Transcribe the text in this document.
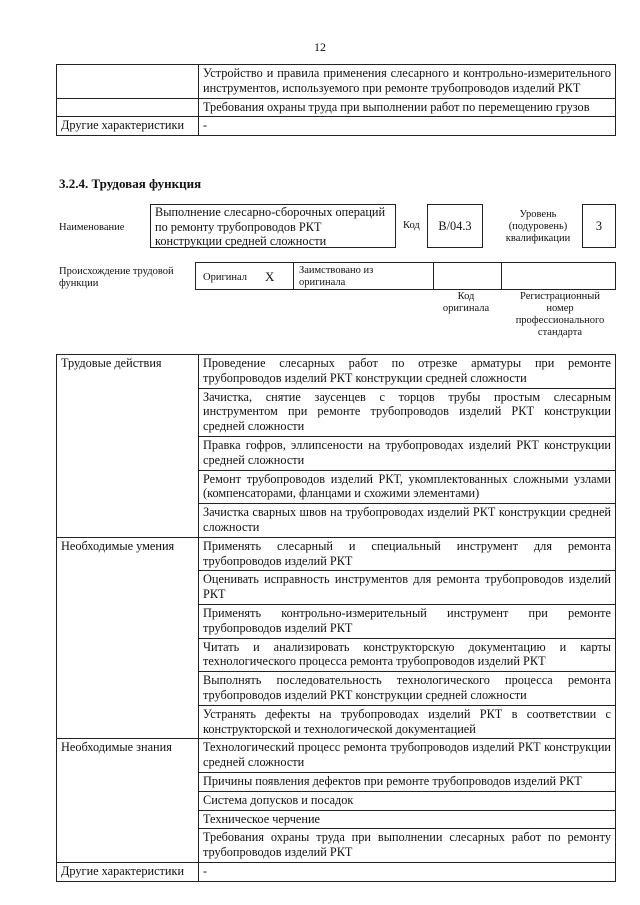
12
	Устройство и правила применения слесарного и контрольно-измерительного инструментов, используемого при ремонте трубопроводов изделий РКТ
	Требования охраны труда при выполнении работ по перемещению грузов
Другие характеристики	-
3.2.4. Трудовая функция
Наименование
Выполнение слесарно-сборочных операций по ремонту трубопроводов РКТ конструкции средней сложности
Код	В/04.3
Уровень (подуровень) квалификации
3
Происхождение трудовой функции
Оригинал X Заимствовано из оригинала
Код оригинала
Регистрационный номер профессионального стандарта
Трудовые действия	Проведение слесарных работ по отрезке арматуры при ремонте трубопроводов изделий РКТ конструкции средней сложности
	Зачистка, снятие заусенцев с торцов трубы простым слесарным инструментом при ремонте трубопроводов изделий РКТ конструкции средней сложности
	Правка гофров, эллипсености на трубопроводах изделий РКТ конструкции средней сложности
	Ремонт трубопроводов изделий РКТ, укомплектованных сложными узлами (компенсаторами, фланцами и схожими элементами)
	Зачистка сварных швов на трубопроводах изделий РКТ конструкции средней сложности
Необходимые умения	Применять слесарный и специальный инструмент для ремонта трубопроводов изделий РКТ
	Оценивать исправность инструментов для ремонта трубопроводов изделий РКТ
	Применять контрольно-измерительный инструмент при ремонте трубопроводов изделий РКТ
	Читать и анализировать конструкторскую документацию и карты технологического процесса ремонта трубопроводов изделий РКТ
	Выполнять последовательность технологического процесса ремонта трубопроводов изделий РКТ конструкции средней сложности
	Устранять дефекты на трубопроводах изделий РКТ в соответствии с конструкторской и технологической документацией
Необходимые знания	Технологический процесс ремонта трубопроводов изделий РКТ конструкции средней сложности
	Причины появления дефектов при ремонте трубопроводов изделий РКТ
	Система допусков и посадок
	Техническое черчение
	Требования охраны труда при выполнении слесарных работ по ремонту трубопроводов изделий РКТ
Другие характеристики	-
